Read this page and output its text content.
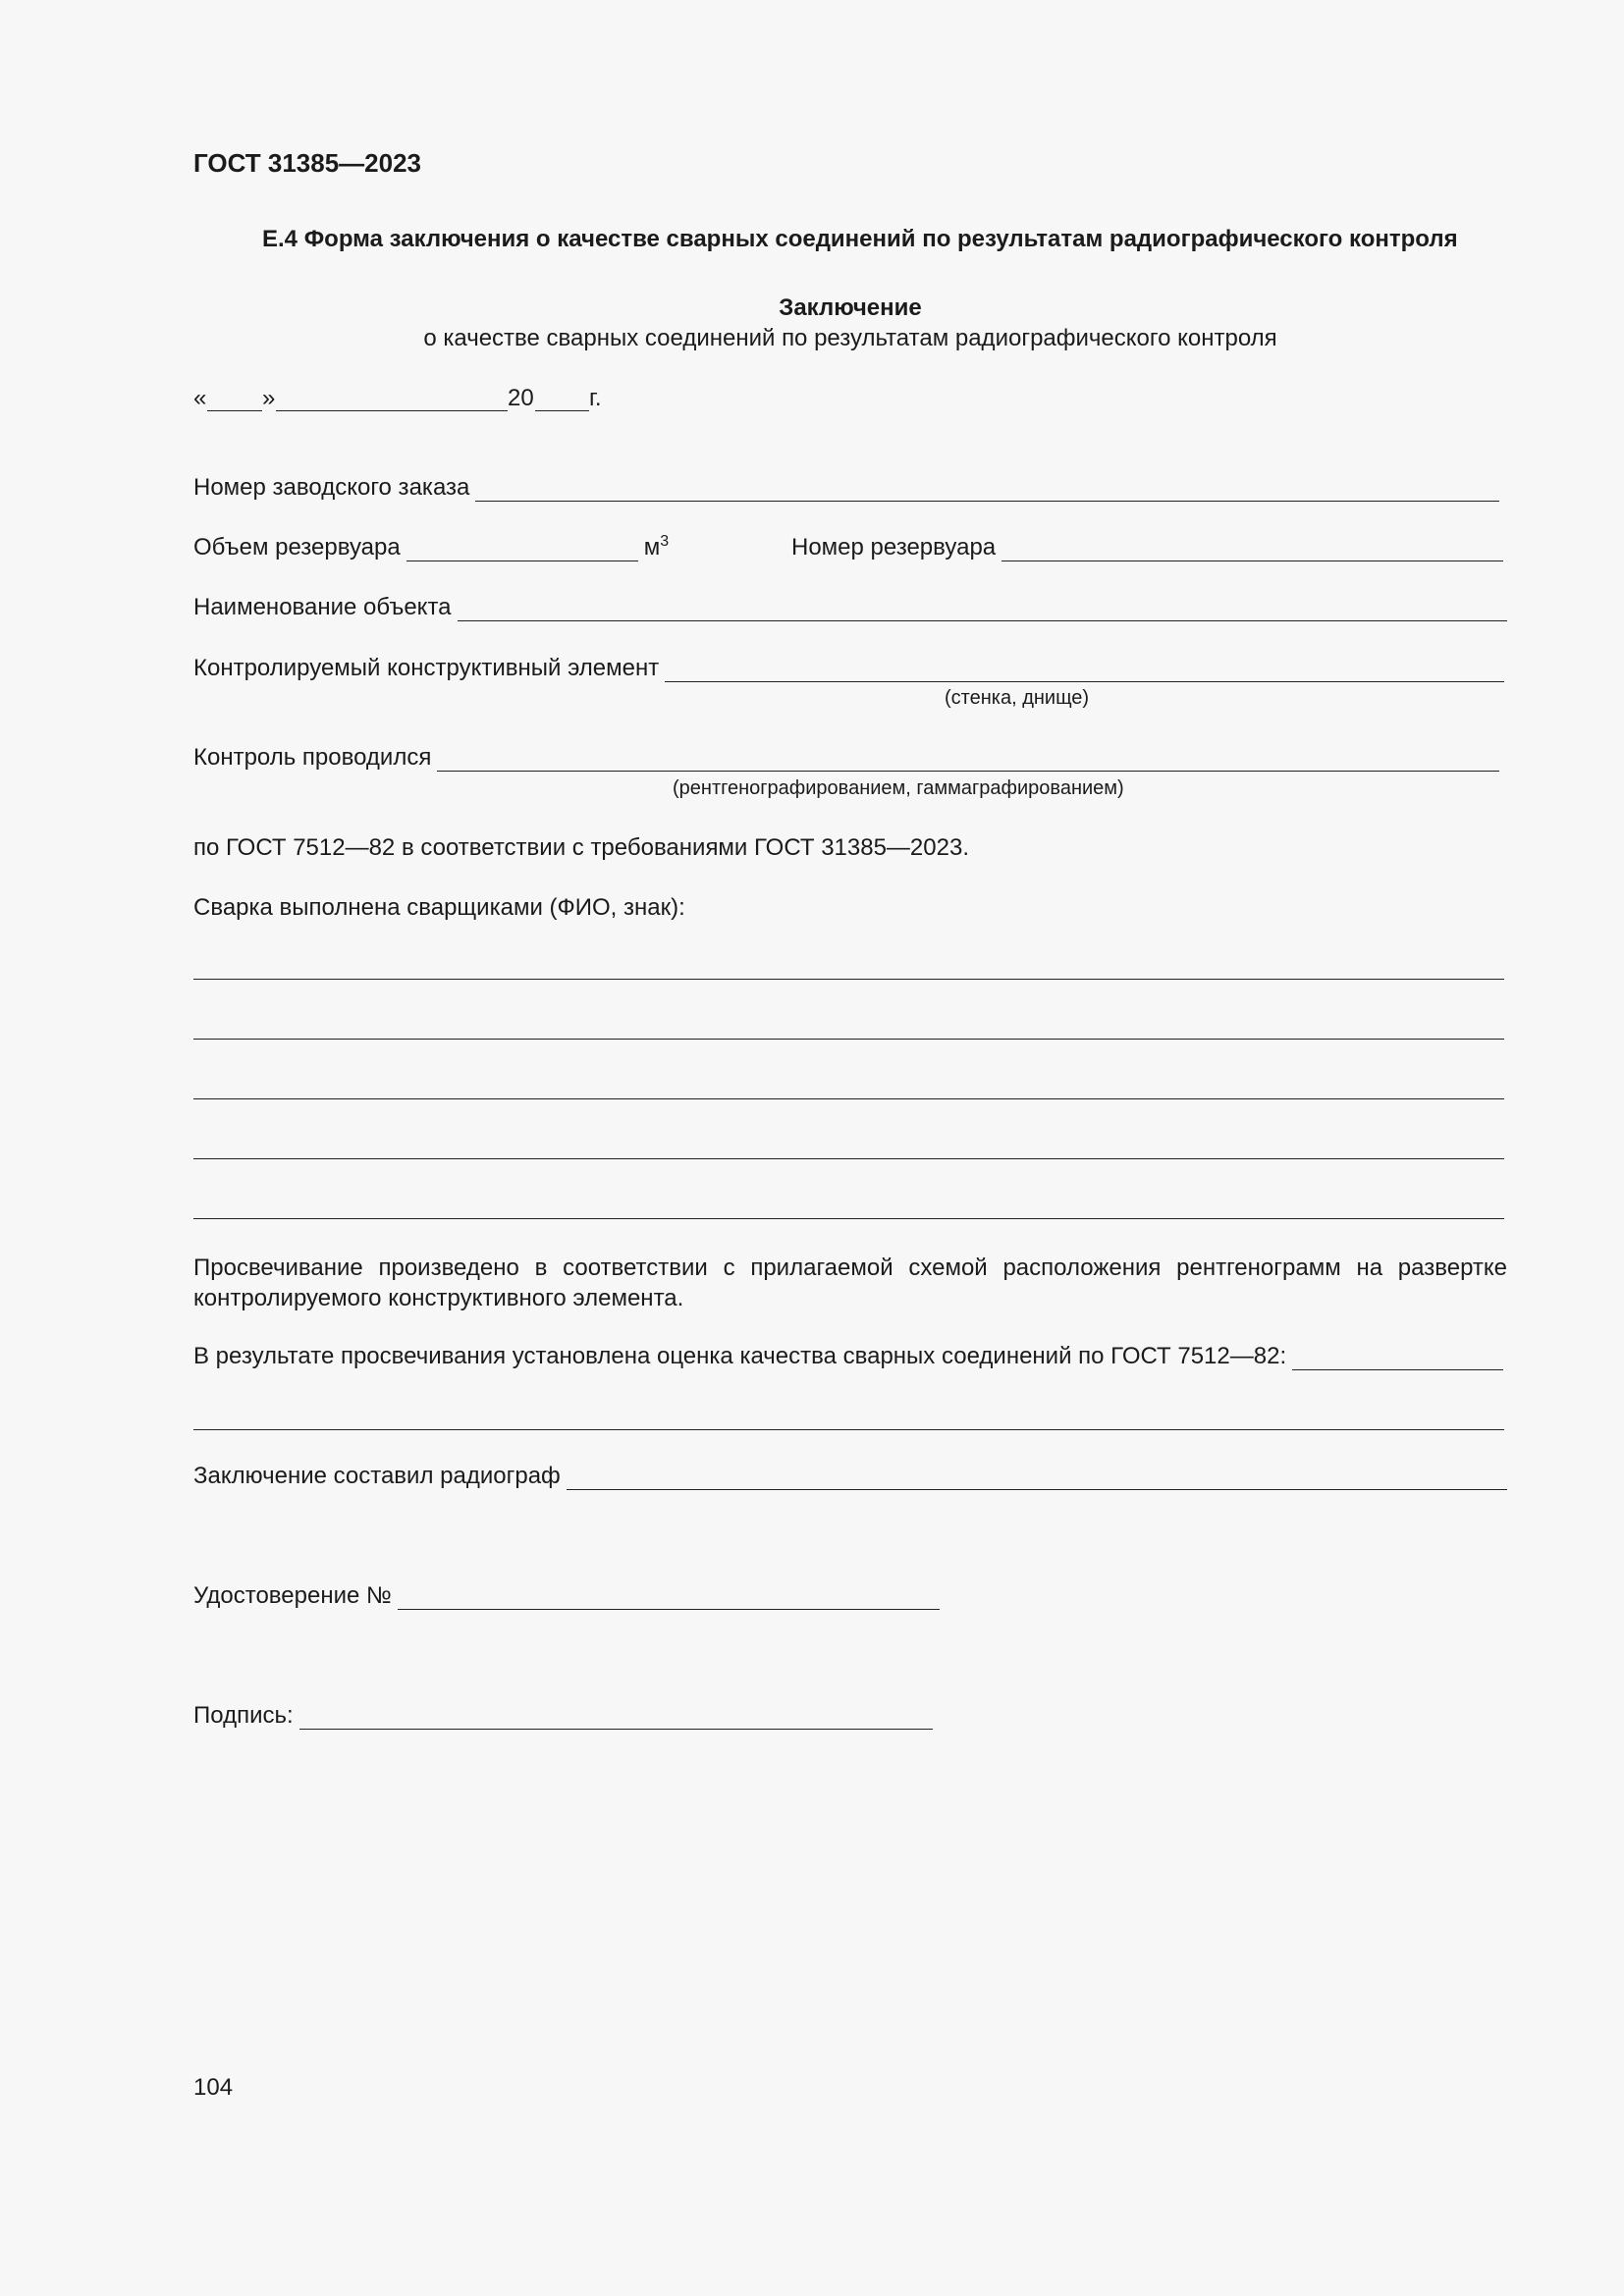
ГОСТ 31385—2023
Е.4 Форма заключения о качестве сварных соединений по результатам радиографического контроля
Заключение
о качестве сварных соединений по результатам радиографического контроля
« »	20 г.
Номер заводского заказа
Объем резервуара	$м^3$	Номер резервуара
Наименование объекта
Контролируемый конструктивный элемент
(стенка, днище)
Контроль проводился
(рентгенографированием, гаммаграфированием)
по ГОСТ 7512—82 в соответствии с требованиями ГОСТ 31385—2023.
Сварка выполнена сварщиками (ФИО, знак):
Просвечивание произведено в соответствии с прилагаемой схемой расположения рентгенограмм на развертке контролируемого конструктивного элемента.
В результате просвечивания установлена оценка качества сварных соединений по ГОСТ 7512—82:
Заключение составил радиограф
Удостоверение №
Подпись:
104
